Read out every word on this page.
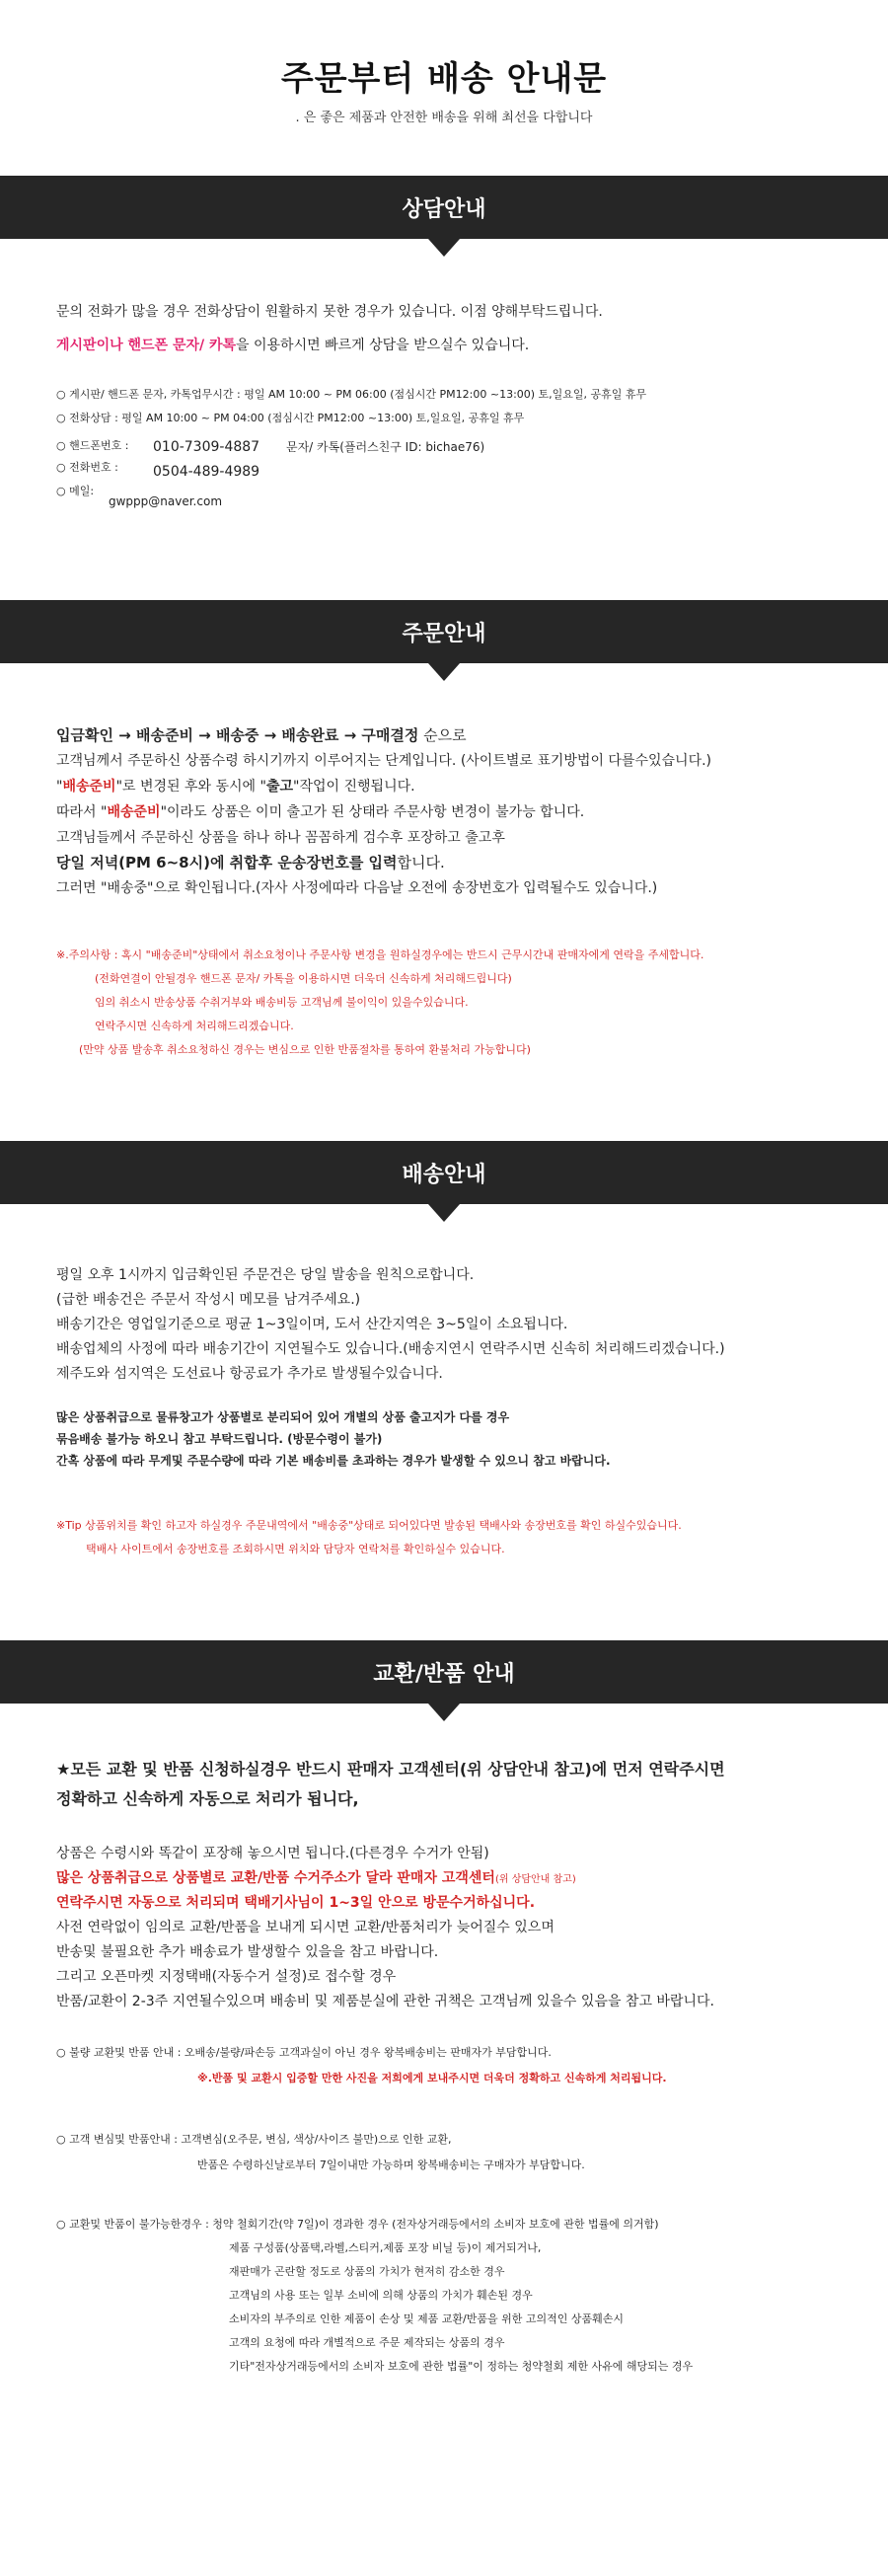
주문부터 배송 안내문
. 은 좋은 제품과 안전한 배송을 위해 최선을 다합니다
상담안내
문의 전화가 많을 경우 전화상담이 원활하지 못한 경우가 있습니다. 이점 양해부탁드립니다.
게시판이나 핸드폰 문자/ 카톡을 이용하시면 빠르게 상담을 받으실수 있습니다.
○ 게시판/ 핸드폰 문자, 카톡업무시간 : 평일 AM 10:00 ~ PM 06:00 (점심시간 PM12:00 ~13:00) 토,일요일, 공휴일 휴무
○ 전화상담 : 평일 AM 10:00 ~ PM 04:00 (점심시간 PM12:00 ~13:00) 토,일요일, 공휴일 휴무
○ 핸드폰번호 : 010-7309-4887 문자/ 카톡(플러스친구 ID: bichae76)
○ 전화번호 :	0504-489-4989
○ 메일:
gwppp@naver.com
주문안내
입금확인 → 배송준비 → 배송중 → 배송완료 → 구매결정 순으로
고객님께서 주문하신 상품수령 하시기까지 이루어지는 단계입니다. (사이트별로 표기방법이 다를수있습니다.)
"배송준비"로 변경된 후와 동시에 "출고"작업이 진행됩니다.
따라서 "배송준비"이라도 상품은 이미 출고가 된 상태라 주문사항 변경이 불가능 합니다.
고객님들께서 주문하신 상품을 하나 하나 꼼꼼하게 검수후 포장하고 출고후
당일 저녁(PM 6~8시)에 취합후 운송장번호를 입력합니다.
그러면 "배송중"으로 확인됩니다.(자사 사정에따라 다음날 오전에 송장번호가 입력될수도 있습니다.)
※.주의사항 : 혹시 "배송준비"상태에서 취소요청이나 주문사항 변경을 원하실경우에는 반드시 근무시간내 판매자에게 연락을 주세합니다.
(전화연결이 안될경우 핸드폰 문자/ 카톡을 이용하시면 더욱더 신속하게 처리해드립니다)
임의 취소시 반송상품 수취거부와 배송비등 고객님께 불이익이 있을수있습니다.
연락주시면 신속하게 처리해드리겠습니다.
(만약 상품 발송후 취소요청하신 경우는 변심으로 인한 반품절차를 통하여 환불처리 가능합니다)
배송안내
평일 오후 1시까지 입금확인된 주문건은 당일 발송을 원칙으로합니다.
(급한 배송건은 주문서 작성시 메모를 남겨주세요.)
배송기간은 영업일기준으로 평균 1~3일이며, 도서 산간지역은 3~5일이 소요됩니다.
배송업체의 사정에 따라 배송기간이 지연될수도 있습니다.(배송지연시 연락주시면 신속히 처리해드리겠습니다.)
제주도와 섬지역은 도선료나 항공료가 추가로 발생될수있습니다.
많은 상품취급으로 물류창고가 상품별로 분리되어 있어 개별의 상품 출고지가 다를 경우
묶음배송 불가능 하오니 참고 부탁드립니다. (방문수령이 불가)
간혹 상품에 따라 무게및 주문수량에 따라 기본 배송비를 초과하는 경우가 발생할 수 있으니 참고 바랍니다.
※Tip 상품위치를 확인 하고자 하실경우 주문내역에서 "배송중"상태로 되어있다면 발송된 택배사와 송장번호를 확인 하실수있습니다.
택배사 사이트에서 송장번호를 조회하시면 위치와 담당자 연락처를 확인하실수 있습니다.
교환/반품 안내
★모든 교환 및 반품 신청하실경우 반드시 판매자 고객센터(위 상담안내 참고)에 먼저 연락주시면
정확하고 신속하게 자동으로 처리가 됩니다,
상품은 수령시와 똑같이 포장해 놓으시면 됩니다.(다른경우 수거가 안됨)
많은 상품취급으로 상품별로 교환/반품 수거주소가 달라 판매자 고객센터(위 상담안내 참고)
연락주시면 자동으로 처리되며 택배기사님이 1~3일 안으로 방문수거하십니다.
사전 연락없이 임의로 교환/반품을 보내게 되시면 교환/반품처리가 늦어질수 있으며
반송및 불필요한 추가 배송료가 발생할수 있을을 참고 바랍니다.
그리고 오픈마켓 지정택배(자동수거 설정)로 접수할 경우
반품/교환이 2-3주 지연될수있으며 배송비 및 제품분실에 관한 귀책은 고객님께 있을수 있음을 참고 바랍니다.
○ 불량 교환및 반품 안내 : 오배송/불량/파손등 고객과실이 아닌 경우 왕복배송비는 판매자가 부담합니다.
※.반품 및 교환시 입증할 만한 사진을 저희에게 보내주시면 더욱더 정확하고 신속하게 처리됩니다.
○ 고객 변심및 반품안내 : 고객변심(오주문, 변심, 색상/사이즈 불만)으로 인한 교환,
반품은 수령하신날로부터 7일이내만 가능하며 왕복배송비는 구매자가 부담합니다.
○ 교환및 반품이 불가능한경우 : 청약 철회기간(약 7일)이 경과한 경우 (전자상거래등에서의 소비자 보호에 관한 법률에 의거함)
제품 구성품(상품택,라벨,스티커,제품 포장 비닐 등)이 제거되거나,
재판매가 곤란할 정도로 상품의 가치가 현저히 감소한 경우
고객님의 사용 또는 일부 소비에 의해 상품의 가치가 훼손된 경우
소비자의 부주의로 인한 제품이 손상 및 제품 교환/반품을 위한 고의적인 상품훼손시
고객의 요청에 따라 개별적으로 주문 제작되는 상품의 경우
기타"전자상거래등에서의 소비자 보호에 관한 법률"이 정하는 청약철회 제한 사유에 해당되는 경우
